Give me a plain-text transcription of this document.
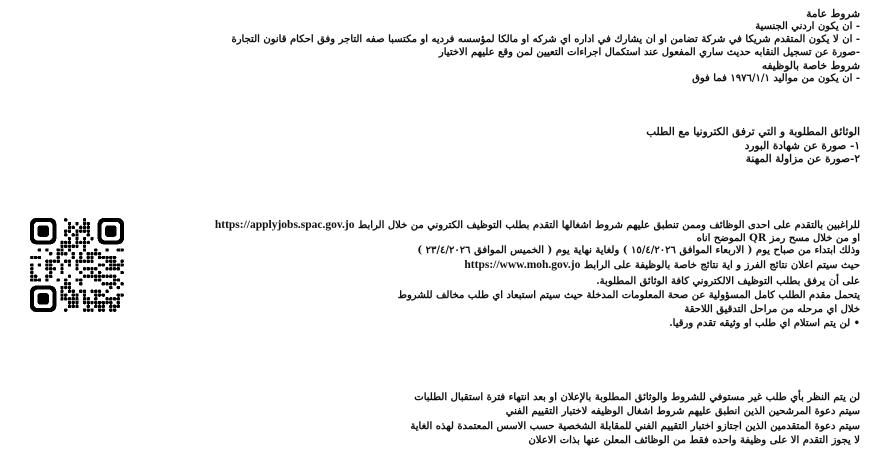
شروط عامة
- ان يكون اردني الجنسية
- ان لا يكون المتقدم شريكا في شركة تضامن او ان يشارك في اداره اي شركه او مالكا لمؤسسه فرديه او مكتسبا صفه التاجر وفق احكام قانون التجارة
-صورة عن تسجيل النقابه حديث ساري المفعول عند استكمال اجراءات التعيين لمن وقع عليهم الاختيار
شروط خاصة بالوظيفه
- ان يكون من مواليد ١٩٧٦/١/١ فما فوق
الوثائق المطلوبة و التي ترفق الكترونيا مع الطلب
١- صورة عن شهادة البورد
٢-صورة عن مزاولة المهنة
للراغبين بالتقدم على احدى الوظائف وممن تنطبق عليهم شروط اشغالها التقدم بطلب التوظيف الكتروني من خلال الرابط https://applyjobs.spac.gov.jo
او من خلال مسح رمز QR الموضح اناه
وذلك ابتداء من صباح يوم ( الاربعاء الموافق ١٥/٤/٢٠٢٦ ) ولغاية نهاية يوم ( الخميس الموافق ٢٣/٤/٢٠٢٦ )
حيث سيتم اعلان نتائج الفرز و اية نتائج خاصة بالوظيفة على الرابط https://www.moh.gov.jo
على أن يرفق بطلب التوظيف الالكتروني كافة الوثائق المطلوبة.
يتحمل مقدم الطلب كامل المسؤولية عن صحة المعلومات المدخلة حيث سيتم استبعاد اي طلب مخالف للشروط
خلال اي مرحله من مراحل التدقيق اللاحقة
• لن يتم استلام اي طلب او وثيقه تقدم ورقيا.
لن يتم النظر بأي طلب غير مستوفي للشروط والوثائق المطلوبة بالإعلان او بعد انتهاء فترة استقبال الطلبات
سيتم دعوة المرشحين الذين انطبق عليهم شروط اشغال الوظيفه لاختبار التقييم الفني
سيتم دعوة المتقدمين الذين اجتازو اختبار التقييم الفني للمقابلة الشخصية حسب الاسس المعتمدة لهذه الغاية
لا يجوز التقدم الا على وظيفة واحده فقط من الوظائف المعلن عنها بذات الاعلان
